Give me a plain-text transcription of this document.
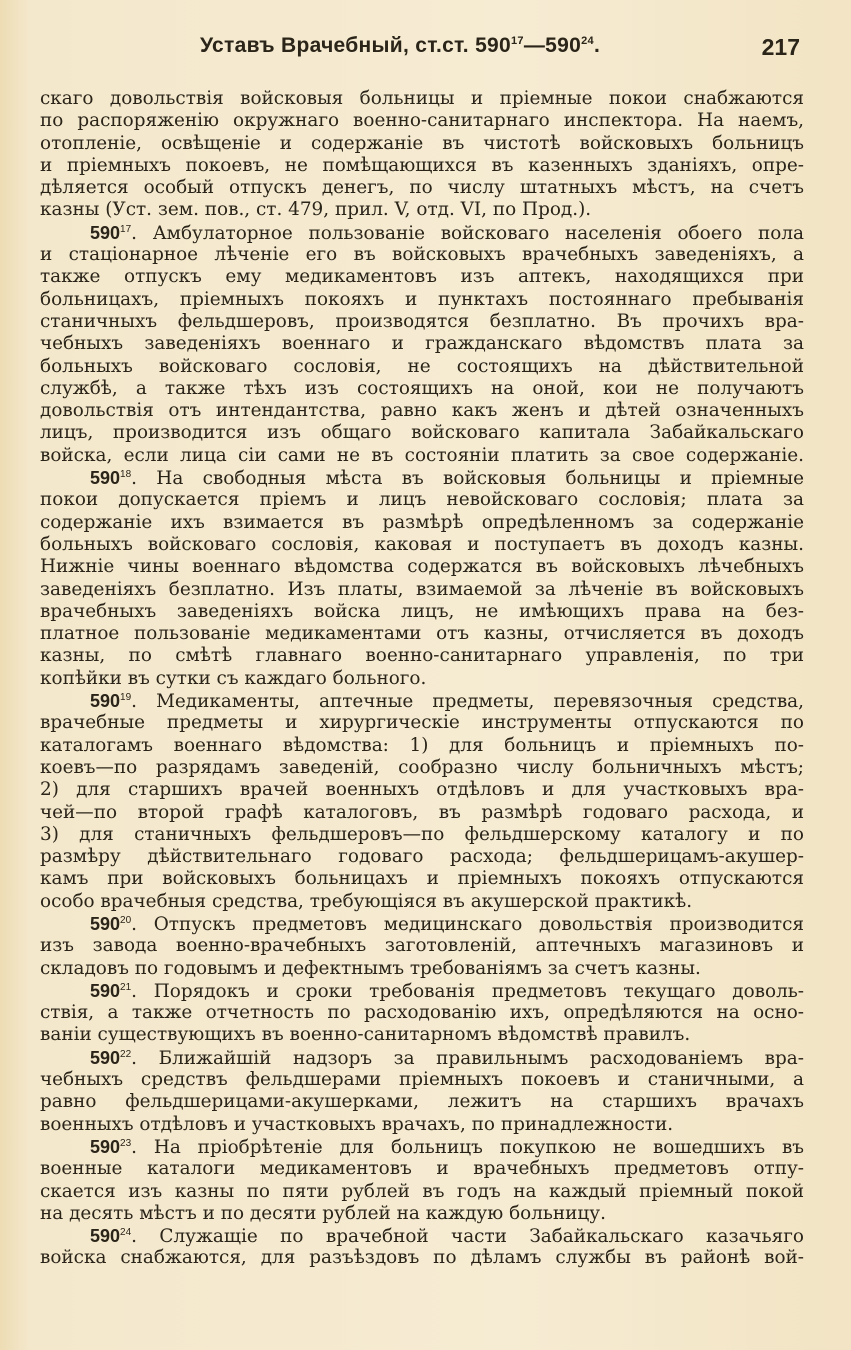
Уставъ Врачебный, ст.ст. $590^{17}—590^{24}$.	217
скаго довольствія войсковыя больницы и пріемные покои снабжаются
по распоряженію окружнаго военно-санитарнаго инспектора. На наемъ,
отопленіе, освѣщеніе и содержаніе въ чистотѣ войсковыхъ больницъ
и пріемныхъ покоевъ, не помѣщающихся въ казенныхъ зданіяхъ, опре-
дѣляется особый отпускъ денегъ, по числу штатныхъ мѣстъ, на счетъ
казны (Уст. зем. пов., ст. 479, прил. V, отд. VI, по Прод.).
$590^{17}$. Амбулаторное пользованіе войсковаго населенія обоего пола
и стаціонарное лѣченіе его въ войсковыхъ врачебныхъ заведеніяхъ, а
также отпускъ ему медикаментовъ изъ аптекъ, находящихся при
больницахъ, пріемныхъ покояхъ и пунктахъ постояннаго пребыванія
станичныхъ фельдшеровъ, производятся безплатно. Въ прочихъ вра-
чебныхъ заведеніяхъ военнаго и гражданскаго вѣдомствъ плата за
больныхъ войсковаго сословія, не состоящихъ на дѣйствительной
службѣ, а также тѣхъ изъ состоящихъ на оной, кои не получаютъ
довольствія отъ интендантства, равно какъ женъ и дѣтей означенныхъ
лицъ, производится изъ общаго войсковаго капитала Забайкальскаго
войска, если лица сіи сами не въ состояніи платить за свое содержаніе.
$590^{18}$. На свободныя мѣста въ войсковыя больницы и пріемные
покои допускается пріемъ и лицъ невойсковаго сословія; плата за
содержаніе ихъ взимается въ размѣрѣ опредѣленномъ за содержаніе
больныхъ войсковаго сословія, каковая и поступаетъ въ доходъ казны.
Нижніе чины военнаго вѣдомства содержатся въ войсковыхъ лѣчебныхъ
заведеніяхъ безплатно. Изъ платы, взимаемой за лѣченіе въ войсковыхъ
врачебныхъ заведеніяхъ войска лицъ, не имѣющихъ права на без-
платное пользованіе медикаментами отъ казны, отчисляется въ доходъ
казны, по смѣтѣ главнаго военно-санитарнаго управленія, по три
копѣйки въ сутки съ каждаго больного.
$590^{19}$. Медикаменты, аптечные предметы, перевязочныя средства,
врачебные предметы и хирургическіе инструменты отпускаются по
каталогамъ военнаго вѣдомства: 1) для больницъ и пріемныхъ по-
коевъ—по разрядамъ заведеній, сообразно числу больничныхъ мѣстъ;
2) для старшихъ врачей военныхъ отдѣловъ и для участковыхъ вра-
чей—по второй графѣ каталоговъ, въ размѣрѣ годоваго расхода, и
3) для станичныхъ фельдшеровъ—по фельдшерскому каталогу и по
размѣру дѣйствительнаго годоваго расхода; фельдшерицамъ-акушер-
камъ при войсковыхъ больницахъ и пріемныхъ покояхъ отпускаются
особо врачебныя средства, требующіяся въ акушерской практикѣ.
$590^{20}$. Отпускъ предметовъ медицинскаго довольствія производится
изъ завода военно-врачебныхъ заготовленій, аптечныхъ магазиновъ и
складовъ по годовымъ и дефектнымъ требованіямъ за счетъ казны.
$590^{21}$. Порядокъ и сроки требованія предметовъ текущаго доволь-
ствія, а также отчетность по расходованію ихъ, опредѣляются на осно-
ваніи существующихъ въ военно-санитарномъ вѣдомствѣ правилъ.
$590^{22}$. Ближайшій надзоръ за правильнымъ расходованіемъ вра-
чебныхъ средствъ фельдшерами пріемныхъ покоевъ и станичными, а
равно фельдшерицами-акушерками, лежитъ на старшихъ врачахъ
военныхъ отдѣловъ и участковыхъ врачахъ, по принадлежности.
$590^{23}$. На пріобрѣтеніе для больницъ покупкою не вошедшихъ въ
военные каталоги медикаментовъ и врачебныхъ предметовъ отпу-
скается изъ казны по пяти рублей въ годъ на каждый пріемный покой
на десять мѣстъ и по десяти рублей на каждую больницу.
$590^{24}$. Служащіе по врачебной части Забайкальскаго казачьяго
войска снабжаются, для разъѣздовъ по дѣламъ службы въ районѣ вой-
